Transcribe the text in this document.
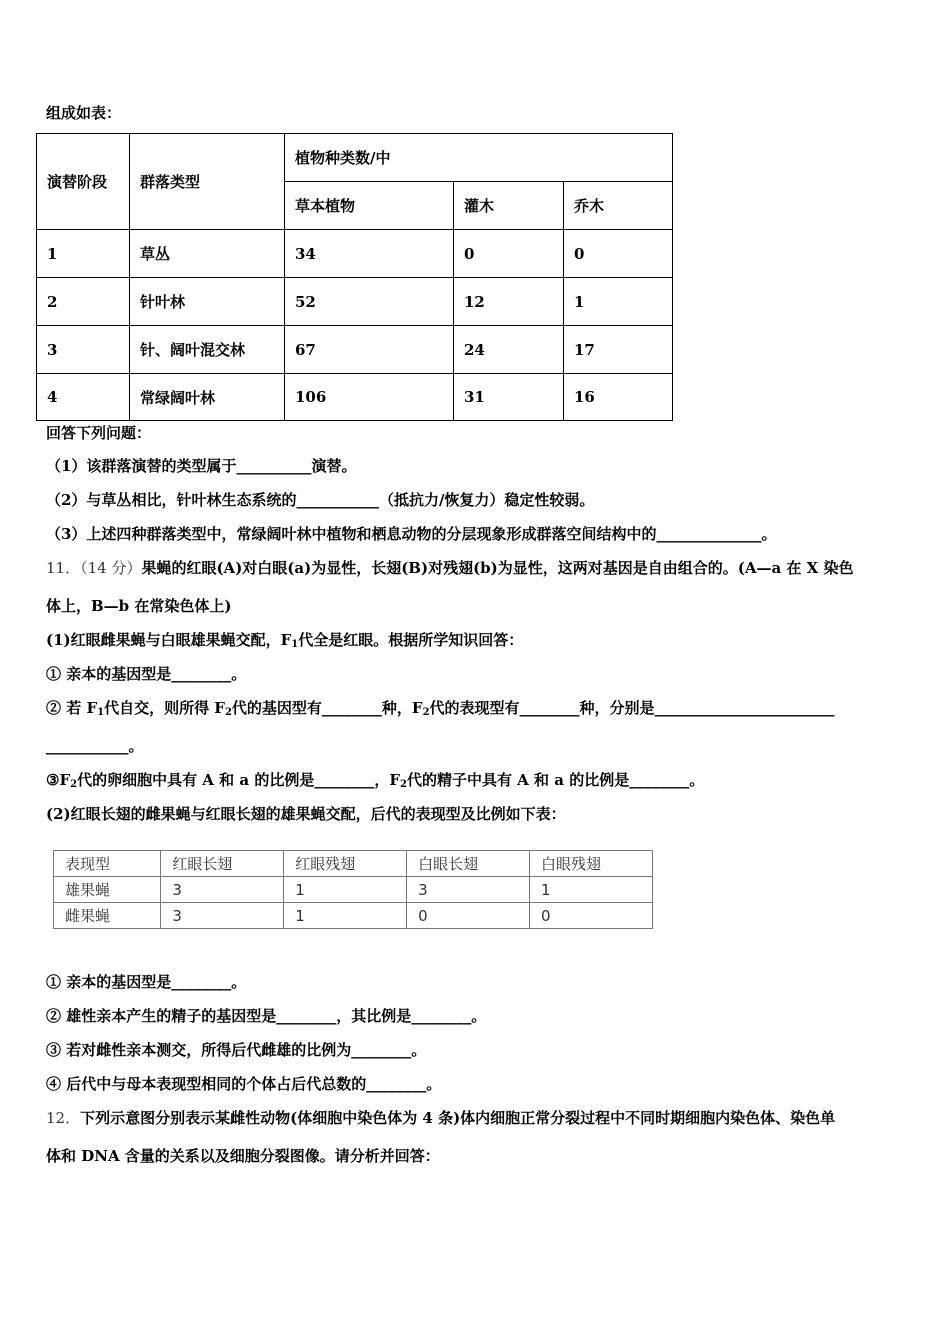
组成如表：
演替阶段	群落类型	植物种类数/中		
		草本植物	灌木	乔木
1	草丛	34	0	0
2	针叶林	52	12	1
3	针、阔叶混交林	67	24	17
4	常绿阔叶林	106	31	16
回答下列问题：
（1）该群落演替的类型属于__________演替。
（2）与草丛相比，针叶林生态系统的___________（抵抗力/恢复力）稳定性较弱。
（3）上述四种群落类型中，常绿阔叶林中植物和栖息动物的分层现象形成群落空间结构中的______________。
11．（14 分）果蝇的红眼(A)对白眼(a)为显性，长翅(B)对残翅(b)为显性，这两对基因是自由组合的。(A—a 在 X 染色
体上，B—b 在常染色体上)
(1)红眼雌果蝇与白眼雄果蝇交配，$F_1$代全是红眼。根据所学知识回答：
① 亲本的基因型是________。
② 若 $F_1$代自交，则所得 $F_2$代的基因型有________种，$F_2$代的表现型有________种，分别是________________________
___________。
$③F_2$代的卵细胞中具有 A 和 a 的比例是________，$F_2$代的精子中具有 A 和 a 的比例是________。
(2)红眼长翅的雌果蝇与红眼长翅的雄果蝇交配，后代的表现型及比例如下表：
表现型	红眼长翅	红眼残翅	白眼长翅	白眼残翅
雄果蝇	3	1	3	1
雌果蝇	3	1	0	0
① 亲本的基因型是________。
② 雄性亲本产生的精子的基因型是________，其比例是________。
③ 若对雌性亲本测交，所得后代雌雄的比例为________。
④ 后代中与母本表现型相同的个体占后代总数的________。
12．下列示意图分别表示某雌性动物(体细胞中染色体为 4 条)体内细胞正常分裂过程中不同时期细胞内染色体、染色单
体和 DNA 含量的关系以及细胞分裂图像。请分析并回答：
